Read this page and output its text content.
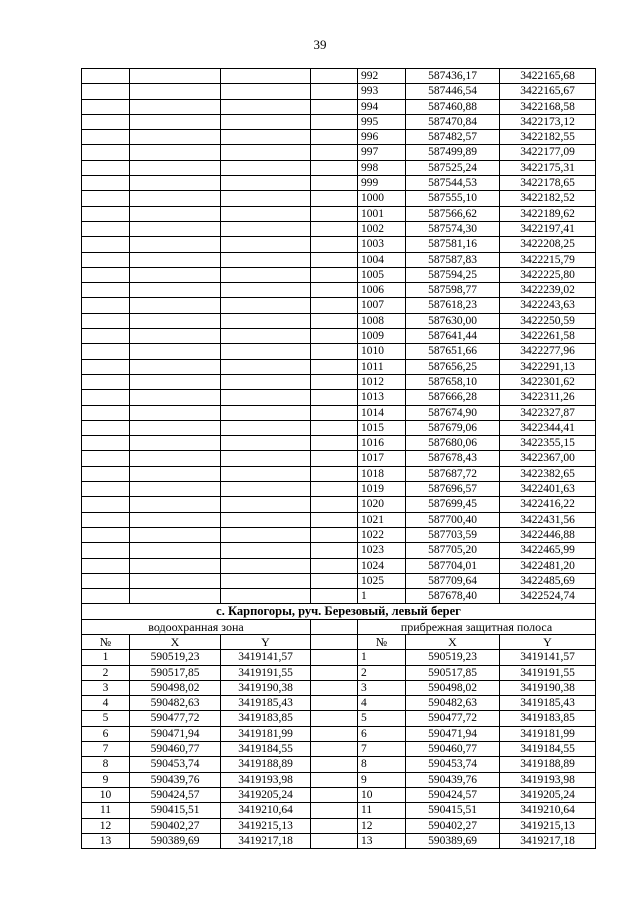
39
				992	587436,17	3422165,68
				993	587446,54	3422165,67
				994	587460,88	3422168,58
				995	587470,84	3422173,12
				996	587482,57	3422182,55
				997	587499,89	3422177,09
				998	587525,24	3422175,31
				999	587544,53	3422178,65
				1000	587555,10	3422182,52
				1001	587566,62	3422189,62
				1002	587574,30	3422197,41
				1003	587581,16	3422208,25
				1004	587587,83	3422215,79
				1005	587594,25	3422225,80
				1006	587598,77	3422239,02
				1007	587618,23	3422243,63
				1008	587630,00	3422250,59
				1009	587641,44	3422261,58
				1010	587651,66	3422277,96
				1011	587656,25	3422291,13
				1012	587658,10	3422301,62
				1013	587666,28	3422311,26
				1014	587674,90	3422327,87
				1015	587679,06	3422344,41
				1016	587680,06	3422355,15
				1017	587678,43	3422367,00
				1018	587687,72	3422382,65
				1019	587696,57	3422401,63
				1020	587699,45	3422416,22
				1021	587700,40	3422431,56
				1022	587703,59	3422446,88
				1023	587705,20	3422465,99
				1024	587704,01	3422481,20
				1025	587709,64	3422485,69
				1	587678,40	3422524,74
с. Карпогоры, руч. Березовый, левый берег						
водоохранная зона				прибрежная защитная полоса		
№	X	Y		№	X	Y
1	590519,23	3419141,57		1	590519,23	3419141,57
2	590517,85	3419191,55		2	590517,85	3419191,55
3	590498,02	3419190,38		3	590498,02	3419190,38
4	590482,63	3419185,43		4	590482,63	3419185,43
5	590477,72	3419183,85		5	590477,72	3419183,85
6	590471,94	3419181,99		6	590471,94	3419181,99
7	590460,77	3419184,55		7	590460,77	3419184,55
8	590453,74	3419188,89		8	590453,74	3419188,89
9	590439,76	3419193,98		9	590439,76	3419193,98
10	590424,57	3419205,24		10	590424,57	3419205,24
11	590415,51	3419210,64		11	590415,51	3419210,64
12	590402,27	3419215,13		12	590402,27	3419215,13
13	590389,69	3419217,18		13	590389,69	3419217,18
